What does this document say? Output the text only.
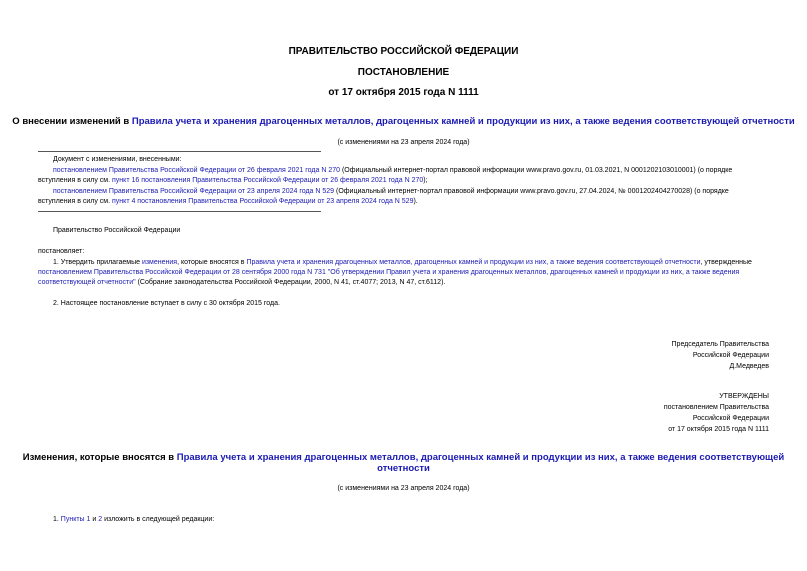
ПРАВИТЕЛЬСТВО РОССИЙСКОЙ ФЕДЕРАЦИИ
ПОСТАНОВЛЕНИЕ
от 17 октября 2015 года N 1111
О внесении изменений в Правила учета и хранения драгоценных металлов, драгоценных камней и продукции из них, а также ведения соответствующей отчетности
(с изменениями на 23 апреля 2024 года)
Документ с изменениями, внесенными:
постановлением Правительства Российской Федерации от 26 февраля 2021 года N 270 (Официальный интернет-портал правовой информации www.pravo.gov.ru, 01.03.2021, N 0001202103010001) (о порядке
вступления в силу см. пункт 16 постановления Правительства Российской Федерации от 26 февраля 2021 года N 270);
постановлением Правительства Российской Федерации от 23 апреля 2024 года N 529 (Официальный интернет-портал правовой информации www.pravo.gov.ru, 27.04.2024, № 0001202404270028) (о порядке
вступления в силу см. пункт 4 постановления Правительства Российской Федерации от 23 апреля 2024 года N 529).
Правительство Российской Федерации
постановляет:
1. Утвердить прилагаемые изменения, которые вносятся в Правила учета и хранения драгоценных металлов, драгоценных камней и продукции из них, а также ведения соответствующей отчетности, утвержденные
постановлением Правительства Российской Федерации от 28 сентября 2000 года N 731 "Об утверждении Правил учета и хранения драгоценных металлов, драгоценных камней и продукции из них, а также ведения
соответствующей отчетности" (Собрание законодательства Российской Федерации, 2000, N 41, ст.4077; 2013, N 47, ст.6112).
2. Настоящее постановление вступает в силу с 30 октября 2015 года.
Председатель Правительства
Российской Федерации
Д.Медведев
УТВЕРЖДЕНЫ
постановлением Правительства
Российской Федерации
от 17 октября 2015 года N 1111
Изменения, которые вносятся в Правила учета и хранения драгоценных металлов, драгоценных камней и продукции из них, а также ведения соответствующей
отчетности
(с изменениями на 23 апреля 2024 года)
1. Пункты 1 и 2 изложить в следующей редакции:
